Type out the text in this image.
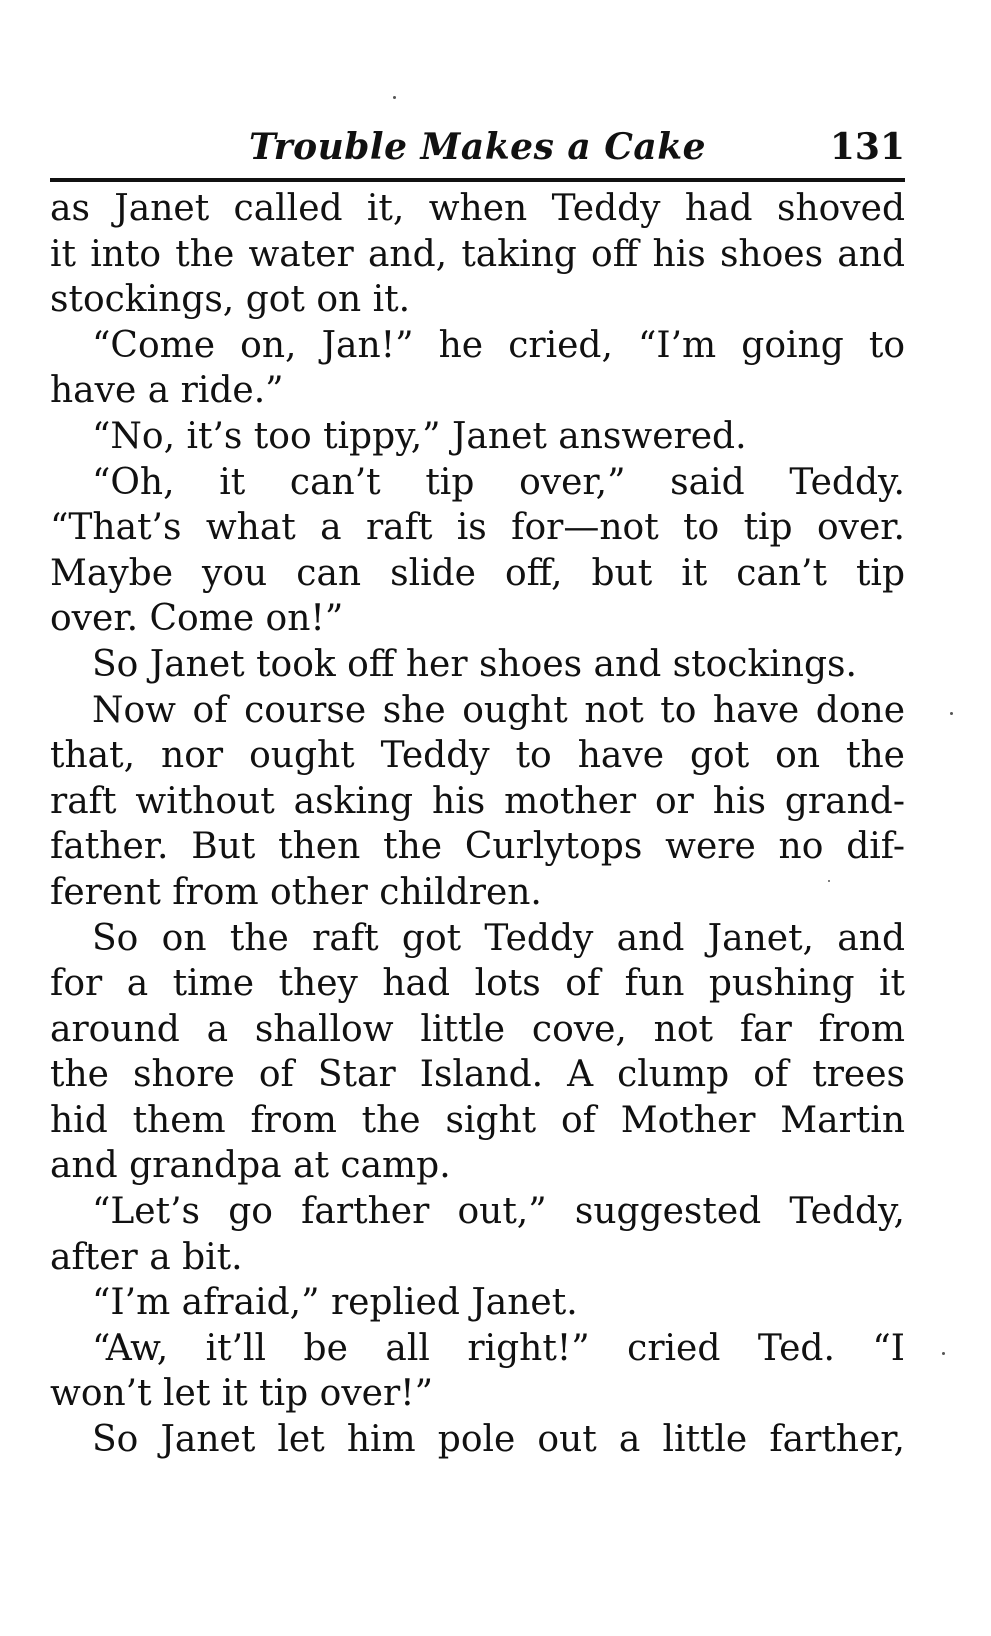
Trouble Makes a Cake	131
as Janet called it, when Teddy had shoved
it into the water and, taking off his shoes and
stockings, got on it.
“Come on, Jan!” he cried, “I’m going to
have a ride.”
“No, it’s too tippy,” Janet answered.
“Oh, it can’t tip over,” said Teddy.
“That’s what a raft is for—not to tip over.
Maybe you can slide off, but it can’t tip
over. Come on!”
So Janet took off her shoes and stockings.
Now of course she ought not to have done
that, nor ought Teddy to have got on the
raft without asking his mother or his grand-
father. But then the Curlytops were no dif-
ferent from other children.
So on the raft got Teddy and Janet, and
for a time they had lots of fun pushing it
around a shallow little cove, not far from
the shore of Star Island. A clump of trees
hid them from the sight of Mother Martin
and grandpa at camp.
“Let’s go farther out,” suggested Teddy,
after a bit.
“I’m afraid,” replied Janet.
“Aw, it’ll be all right!” cried Ted. “I
won’t let it tip over!”
So Janet let him pole out a little farther,
